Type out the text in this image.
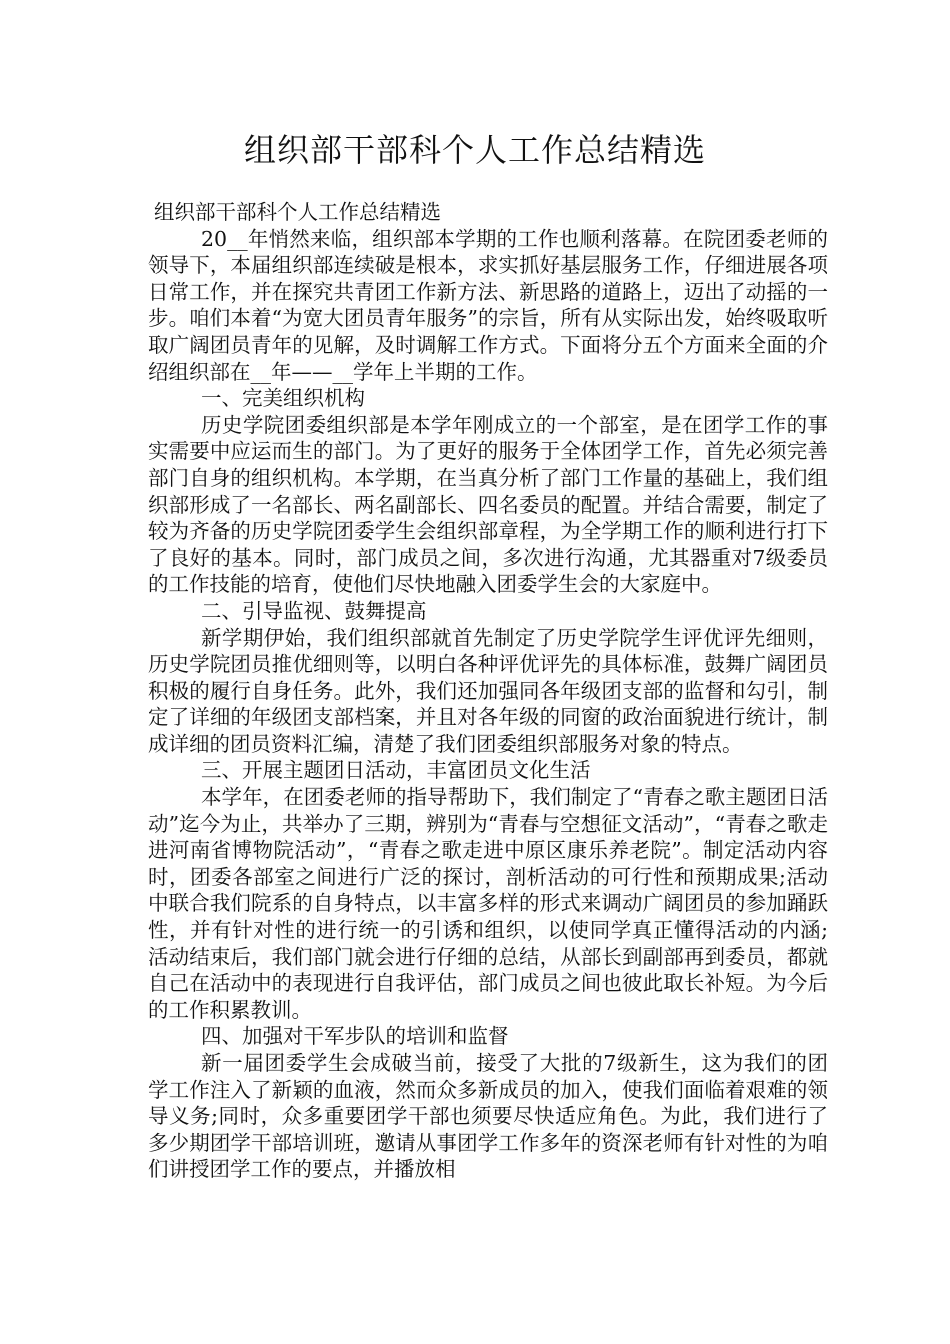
组织部干部科个人工作总结精选

组织部干部科个人工作总结精选

20__年悄然来临，组织部本学期的工作也顺利落幕。在院团委老师的领导下，本届组织部连续破是根本，求实抓好基层服务工作，仔细进展各项日常工作，并在探究共青团工作新方法、新思路的道路上，迈出了动摇的一步。咱们本着“为宽大团员青年服务”的宗旨，所有从实际出发，始终吸取听取广阔团员青年的见解，及时调解工作方式。下面将分五个方面来全面的介绍组织部在__年——__学年上半期的工作。

一、完美组织机构

历史学院团委组织部是本学年刚成立的一个部室，是在团学工作的事实需要中应运而生的部门。为了更好的服务于全体团学工作，首先必须完善部门自身的组织机构。本学期，在当真分析了部门工作量的基础上，我们组织部形成了一名部长、两名副部长、四名委员的配置。并结合需要，制定了较为齐备的历史学院团委学生会组织部章程，为全学期工作的顺利进行打下了良好的基本。同时，部门成员之间，多次进行沟通，尤其器重对7级委员的工作技能的培育，使他们尽快地融入团委学生会的大家庭中。

二、引导监视、鼓舞提高

新学期伊始，我们组织部就首先制定了历史学院学生评优评先细则，历史学院团员推优细则等，以明白各种评优评先的具体标准，鼓舞广阔团员积极的履行自身任务。此外，我们还加强同各年级团支部的监督和勾引，制定了详细的年级团支部档案，并且对各年级的同窗的政治面貌进行统计，制成详细的团员资料汇编，清楚了我们团委组织部服务对象的特点。

三、开展主题团日活动，丰富团员文化生活

本学年，在团委老师的指导帮助下，我们制定了“青春之歌主题团日活动”迄今为止，共举办了三期，辨别为“青春与空想征文活动”，“青春之歌走进河南省博物院活动”，“青春之歌走进中原区康乐养老院”。制定活动内容时，团委各部室之间进行广泛的探讨，剖析活动的可行性和预期成果;活动中联合我们院系的自身特点，以丰富多样的形式来调动广阔团员的参加踊跃性，并有针对性的进行统一的引诱和组织，以使同学真正懂得活动的内涵;活动结束后，我们部门就会进行仔细的总结，从部长到副部再到委员，都就自己在活动中的表现进行自我评估，部门成员之间也彼此取长补短。为今后的工作积累教训。

四、加强对干军步队的培训和监督

新一届团委学生会成破当前，接受了大批的7级新生，这为我们的团学工作注入了新颖的血液，然而众多新成员的加入，使我们面临着艰难的领导义务;同时，众多重要团学干部也须要尽快适应角色。为此，我们进行了多少期团学干部培训班，邀请从事团学工作多年的资深老师有针对性的为咱们讲授团学工作的要点，并播放相
